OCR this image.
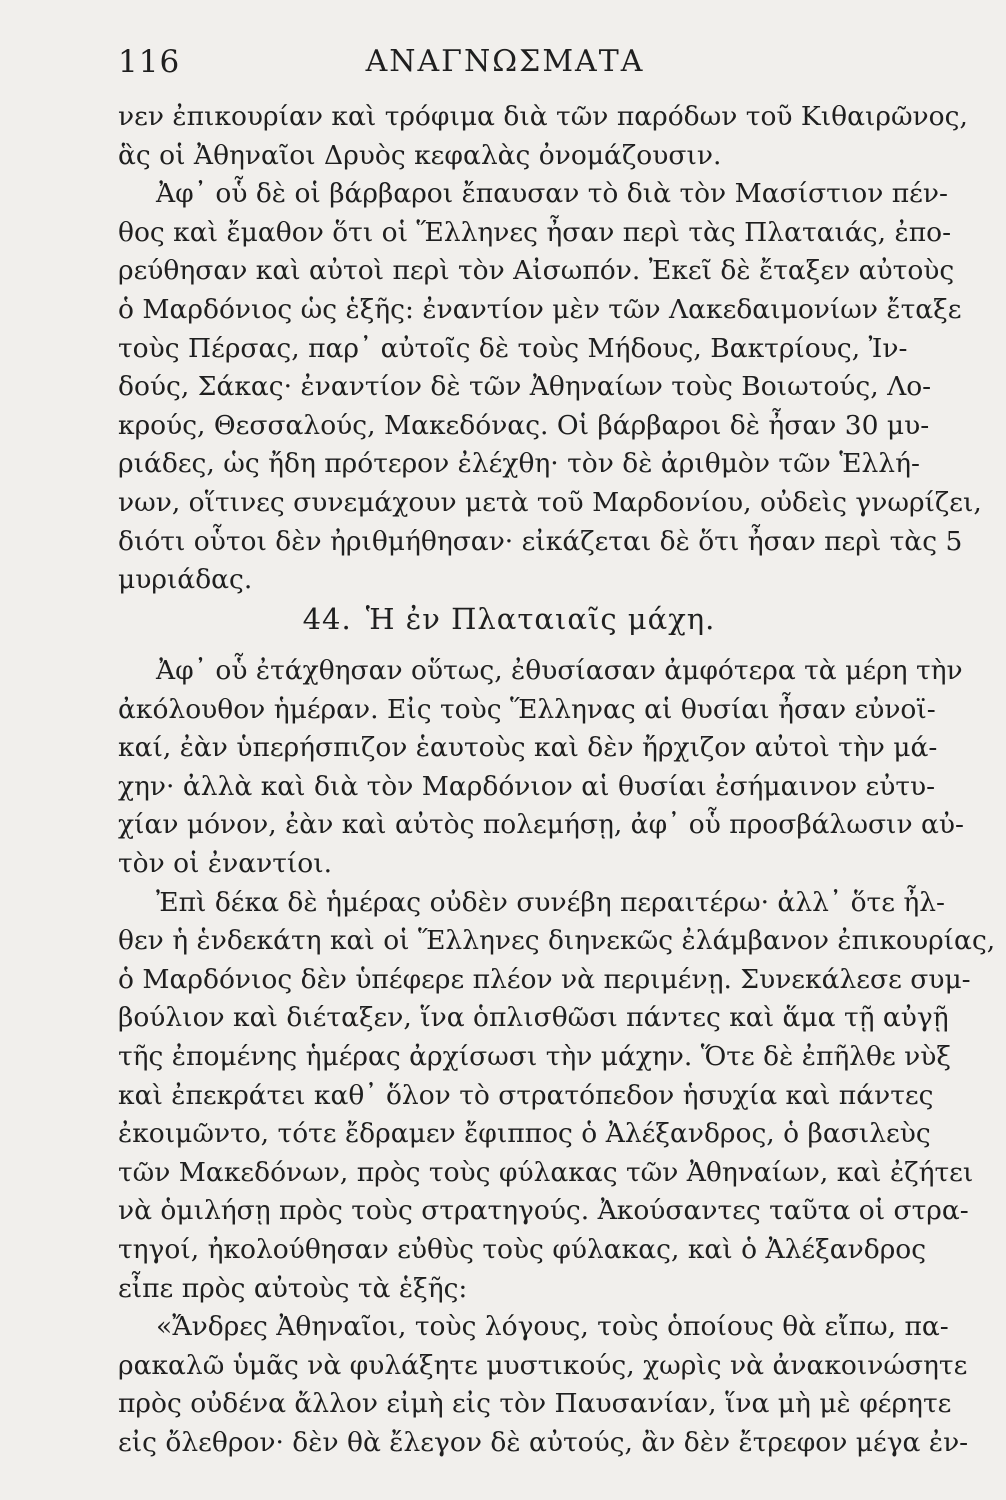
116	ΑΝΑΓΝΩΣΜΑΤΑ
νεν ἐπικουρίαν καὶ τρόφιμα διὰ τῶν παρόδων τοῦ Κιθαιρῶνος,
ἃς οἱ Ἀθηναῖοι Δρυὸς κεφαλὰς ὀνομάζουσιν.
Ἀφ᾽ οὗ δὲ οἱ βάρβαροι ἔπαυσαν τὸ διὰ τὸν Μασίστιον πέν-
θος καὶ ἔμαθον ὅτι οἱ Ἕλληνες ἦσαν περὶ τὰς Πλαταιάς, ἐπο-
ρεύθησαν καὶ αὐτοὶ περὶ τὸν Αἰσωπόν. Ἐκεῖ δὲ ἔταξεν αὐτοὺς
ὁ Μαρδόνιος ὡς ἑξῆς: ἐναντίον μὲν τῶν Λακεδαιμονίων ἔταξε
τοὺς Πέρσας, παρ᾽ αὐτοῖς δὲ τοὺς Μήδους, Βακτρίους, Ἰν-
δούς, Σάκας· ἐναντίον δὲ τῶν Ἀθηναίων τοὺς Βοιωτούς, Λο-
κρούς, Θεσσαλούς, Μακεδόνας. Οἱ βάρβαροι δὲ ἦσαν 30 μυ-
ριάδες, ὡς ἤδη πρότερον ἐλέχθη· τὸν δὲ ἀριθμὸν τῶν Ἑλλή-
νων, οἵτινες συνεμάχουν μετὰ τοῦ Μαρδονίου, οὐδεὶς γνωρίζει,
διότι οὗτοι δὲν ἠριθμήθησαν· εἰκάζεται δὲ ὅτι ἦσαν περὶ τὰς 5
μυριάδας.
44. Ἡ ἐν Πλαταιαῖς μάχη.
Ἀφ᾽ οὗ ἐτάχθησαν οὕτως, ἐθυσίασαν ἀμφότερα τὰ μέρη τὴν
ἀκόλουθον ἡμέραν. Εἰς τοὺς Ἕλληνας αἱ θυσίαι ἦσαν εὐνοϊ-
καί, ἐὰν ὑπερήσπιζον ἑαυτοὺς καὶ δὲν ἤρχιζον αὐτοὶ τὴν μά-
χην· ἀλλὰ καὶ διὰ τὸν Μαρδόνιον αἱ θυσίαι ἐσήμαινον εὐτυ-
χίαν μόνον, ἐὰν καὶ αὐτὸς πολεμήσῃ, ἀφ᾽ οὗ προσβάλωσιν αὐ-
τὸν οἱ ἐναντίοι.
Ἐπὶ δέκα δὲ ἡμέρας οὐδὲν συνέβη περαιτέρω· ἀλλ᾽ ὅτε ἦλ-
θεν ἡ ἑνδεκάτη καὶ οἱ Ἕλληνες διηνεκῶς ἐλάμβανον ἐπικουρίας,
ὁ Μαρδόνιος δὲν ὑπέφερε πλέον νὰ περιμένῃ. Συνεκάλεσε συμ-
βούλιον καὶ διέταξεν, ἵνα ὁπλισθῶσι πάντες καὶ ἅμα τῇ αὐγῇ
τῆς ἐπομένης ἡμέρας ἀρχίσωσι τὴν μάχην. Ὅτε δὲ ἐπῆλθε νὺξ
καὶ ἐπεκράτει καθ᾽ ὅλον τὸ στρατόπεδον ἡσυχία καὶ πάντες
ἐκοιμῶντο, τότε ἔδραμεν ἔφιππος ὁ Ἀλέξανδρος, ὁ βασιλεὺς
τῶν Μακεδόνων, πρὸς τοὺς φύλακας τῶν Ἀθηναίων, καὶ ἐζήτει
νὰ ὁμιλήσῃ πρὸς τοὺς στρατηγούς. Ἀκούσαντες ταῦτα οἱ στρα-
τηγοί, ἠκολούθησαν εὐθὺς τοὺς φύλακας, καὶ ὁ Ἀλέξανδρος
εἶπε πρὸς αὐτοὺς τὰ ἑξῆς:
«Ἄνδρες Ἀθηναῖοι, τοὺς λόγους, τοὺς ὁποίους θὰ εἴπω, πα-
ρακαλῶ ὑμᾶς νὰ φυλάξητε μυστικούς, χωρὶς νὰ ἀνακοινώσητε
πρὸς οὐδένα ἄλλον εἰμὴ εἰς τὸν Παυσανίαν, ἵνα μὴ μὲ φέρητε
εἰς ὄλεθρον· δὲν θὰ ἔλεγον δὲ αὐτούς, ἂν δὲν ἔτρεφον μέγα ἐν-
